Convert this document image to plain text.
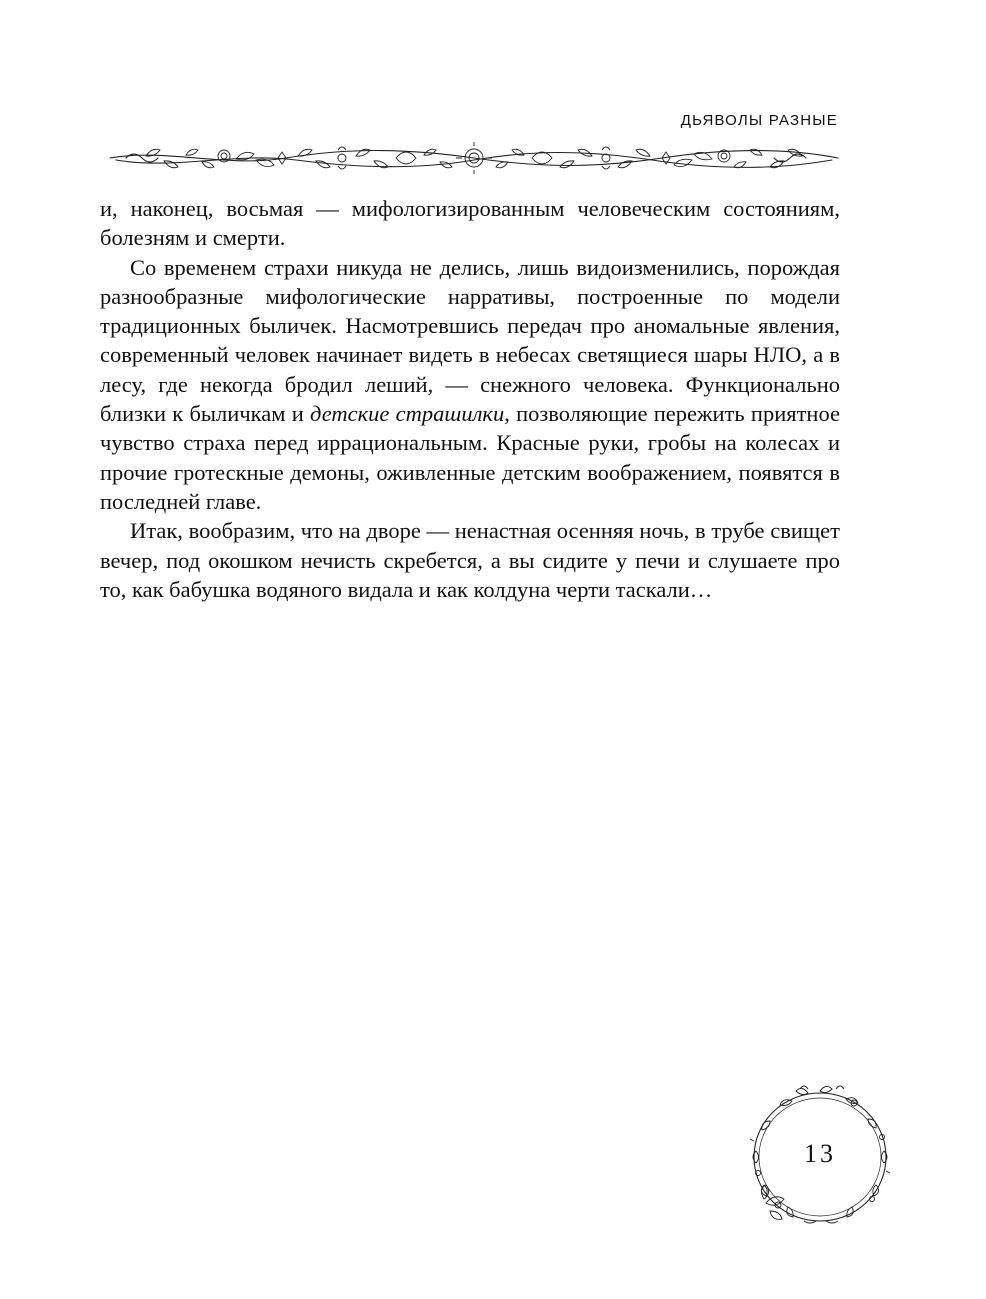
ДЬЯВОЛЫ РАЗНЫЕ

и, наконец, восьмая — мифологизированным человеческим состояниям, болезням и смерти.

Со временем страхи никуда не делись, лишь видоизменились, порождая разнообразные мифологические нарративы, построенные по модели традиционных быличек. Насмотревшись передач про аномальные явления, современный человек начинает видеть в небесах светящиеся шары НЛО, а в лесу, где некогда бродил леший, — снежного человека. Функционально близки к быличкам и детские страшилки, позволяющие пережить приятное чувство страха перед иррациональным. Красные руки, гробы на колесах и прочие гротескные демоны, оживленные детским воображением, появятся в последней главе.

Итак, вообразим, что на дворе — ненастная осенняя ночь, в трубе свищет вечер, под окошком нечисть скребется, а вы сидите у печи и слушаете про то, как бабушка водяного видала и как колдуна черти таскали…

13
